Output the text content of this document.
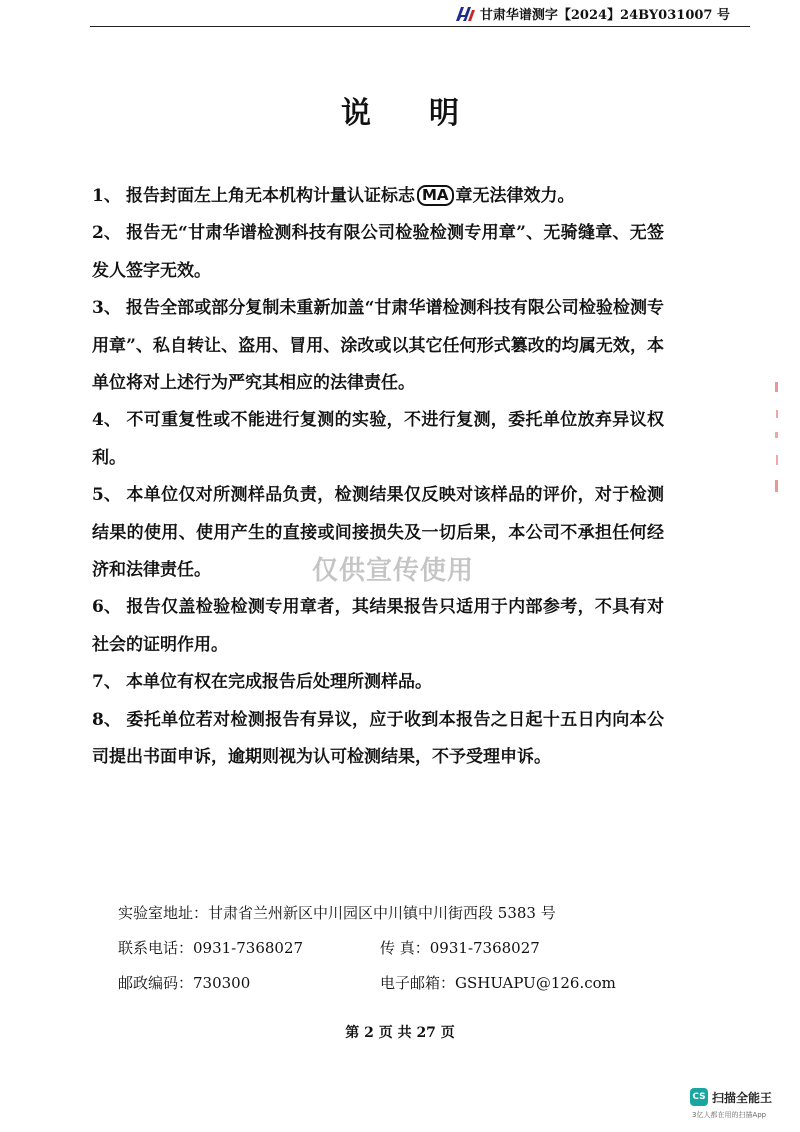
甘肃华谱测字【2024】24BY031007 号
说明

1、 报告封面左上角无本机构计量认证标志 MA 章无法律效力。

2、 报告无“甘肃华谱检测科技有限公司检验检测专用章”、无骑缝章、无签发人签字无效。

3、 报告全部或部分复制未重新加盖“甘肃华谱检测科技有限公司检验检测专用章”、私自转让、盗用、冒用、涂改或以其它任何形式篡改的均属无效，本单位将对上述行为严究其相应的法律责任。

4、 不可重复性或不能进行复测的实验，不进行复测，委托单位放弃异议权利。

5、 本单位仅对所测样品负责，检测结果仅反映对该样品的评价，对于检测结果的使用、使用产生的直接或间接损失及一切后果，本公司不承担任何经济和法律责任。

6、 报告仅盖检验检测专用章者，其结果报告只适用于内部参考，不具有对社会的证明作用。

7、 本单位有权在完成报告后处理所测样品。

8、 委托单位若对检测报告有异议，应于收到本报告之日起十五日内向本公司提出书面申诉，逾期则视为认可检测结果，不予受理申诉。

仅供宣传使用
实验室地址：甘肃省兰州新区中川园区中川镇中川街西段 5383 号
联系电话：0931-7368027	传 真：0931-7368027
邮政编码：730300	电子邮箱：GSHUAPU@126.com
第 2 页 共 27 页
CS 扫描全能王
3亿人都在用的扫描App
